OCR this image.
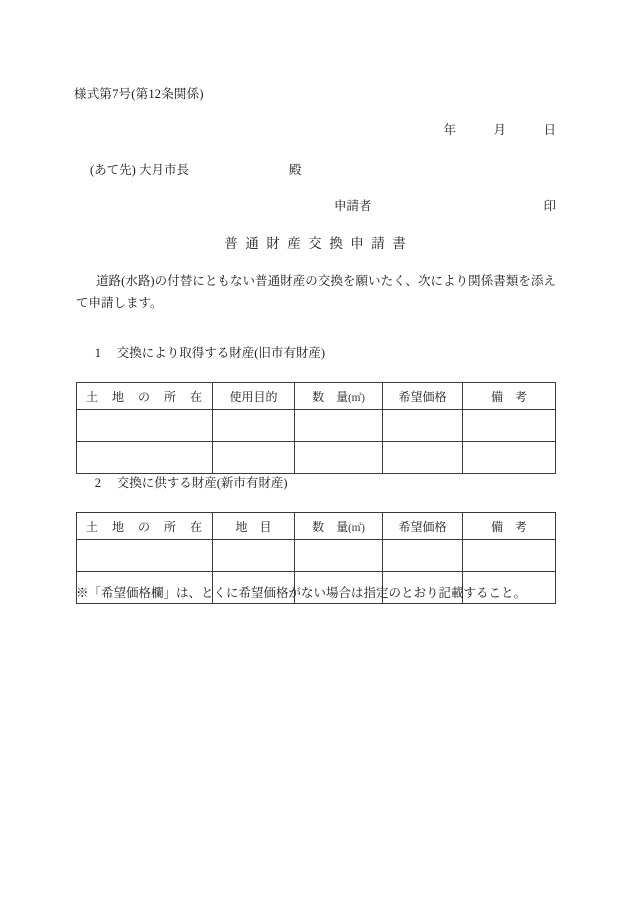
様式第7号(第12条関係)
年　　　月　　　日
(あて先) 大月市長　　　　　　　　殿
申請者	印
普通財産交換申請書
道路(水路)の付替にともない普通財産の交換を願いたく、次により関係書類を添えて申請します。

1 交換により取得する財産(旧市有財産)

土　地　の　所　在	使用目的	数　量(㎡)	希望価格	備　考

2 交換に供する財産(新市有財産)

土　地　の　所　在	地　目	数　量(㎡)	希望価格	備　考

※「希望価格欄」は、とくに希望価格がない場合は指定のとおり記載すること。
